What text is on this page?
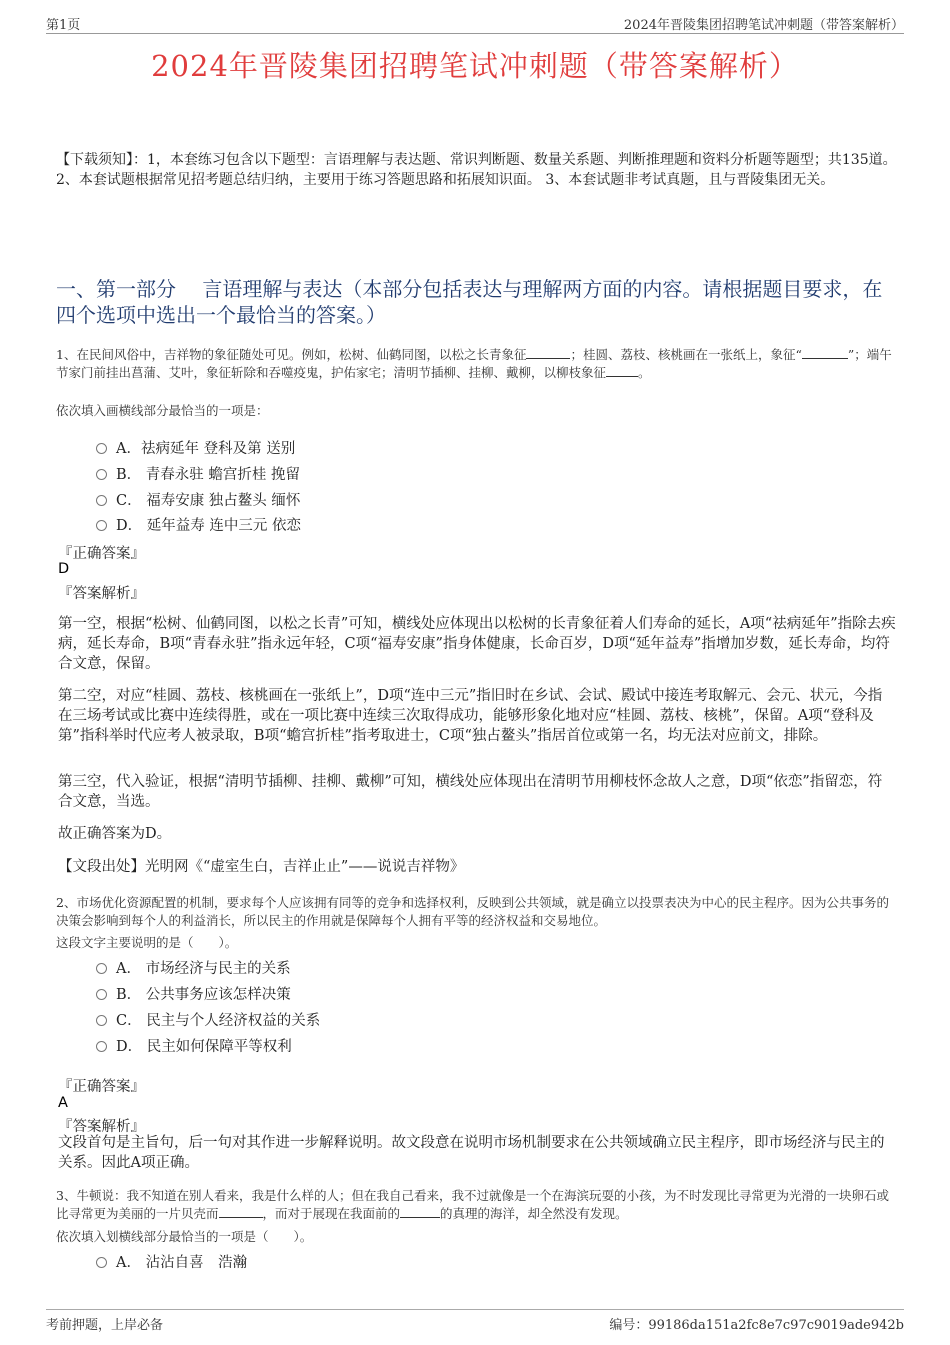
第1页	2024年晋陵集团招聘笔试冲刺题（带答案解析）
2024年晋陵集团招聘笔试冲刺题（带答案解析）
【下载须知】：1，本套练习包含以下题型：言语理解与表达题、常识判断题、数量关系题、判断推理题和资料分析题等题型；共135道。 2、本套试题根据常见招考题总结归纳，主要用于练习答题思路和拓展知识面。 3、本套试题非考试真题，且与晋陵集团无关。
一、第一部分　 言语理解与表达（本部分包括表达与理解两方面的内容。请根据题目要求，在四个选项中选出一个最恰当的答案。）
1、在民间风俗中，吉祥物的象征随处可见。例如，松树、仙鹤同图，以松之长青象征	；桂圆、荔枝、核桃画在一张纸上，象征“	”；端午节家门前挂出菖蒲、艾叶，象征斩除和吞噬疫鬼，护佑家宅；清明节插柳、挂柳、戴柳，以柳枝象征	。
依次填入画横线部分最恰当的一项是：
A．祛病延年 登科及第 送别
B． 青春永驻 蟾宫折桂 挽留
C． 福寿安康 独占鳌头 缅怀
D． 延年益寿 连中三元 依恋
『正确答案』
D
『答案解析』
第一空，根据“松树、仙鹤同图，以松之长青”可知，横线处应体现出以松树的长青象征着人们寿命的延长，A项“祛病延年”指除去疾病，延长寿命，B项“青春永驻”指永远年轻，C项“福寿安康”指身体健康，长命百岁，D项“延年益寿”指增加岁数，延长寿命，均符合文意，保留。
第二空，对应“桂圆、荔枝、核桃画在一张纸上”，D项“连中三元”指旧时在乡试、会试、殿试中接连考取解元、会元、状元，今指在三场考试或比赛中连续得胜，或在一项比赛中连续三次取得成功，能够形象化地对应“桂圆、荔枝、核桃”，保留。A项“登科及第”指科举时代应考人被录取，B项“蟾宫折桂”指考取进士，C项“独占鳌头”指居首位或第一名，均无法对应前文，排除。
第三空，代入验证，根据“清明节插柳、挂柳、戴柳”可知，横线处应体现出在清明节用柳枝怀念故人之意，D项“依恋”指留恋，符合文意，当选。
故正确答案为D。
【文段出处】光明网《“虚室生白，吉祥止止”——说说吉祥物》
2、市场优化资源配置的机制，要求每个人应该拥有同等的竞争和选择权利，反映到公共领域，就是确立以投票表决为中心的民主程序。因为公共事务的决策会影响到每个人的利益消长，所以民主的作用就是保障每个人拥有平等的经济权益和交易地位。
这段文字主要说明的是（　　）。
A． 市场经济与民主的关系
B． 公共事务应该怎样决策
C． 民主与个人经济权益的关系
D． 民主如何保障平等权利
『正确答案』
A
『答案解析』
文段首句是主旨句，后一句对其作进一步解释说明。故文段意在说明市场机制要求在公共领域确立民主程序，即市场经济与民主的关系。因此A项正确。
3、牛顿说：我不知道在别人看来，我是什么样的人；但在我自己看来，我不过就像是一个在海滨玩耍的小孩，为不时发现比寻常更为光滑的一块卵石或比寻常更为美丽的一片贝壳而	，而对于展现在我面前的	的真理的海洋，却全然没有发现。
依次填入划横线部分最恰当的一项是（　　）。
A． 沾沾自喜　浩瀚
考前押题，上岸必备	编号：99186da151a2fc8e7c97c9019ade942b
